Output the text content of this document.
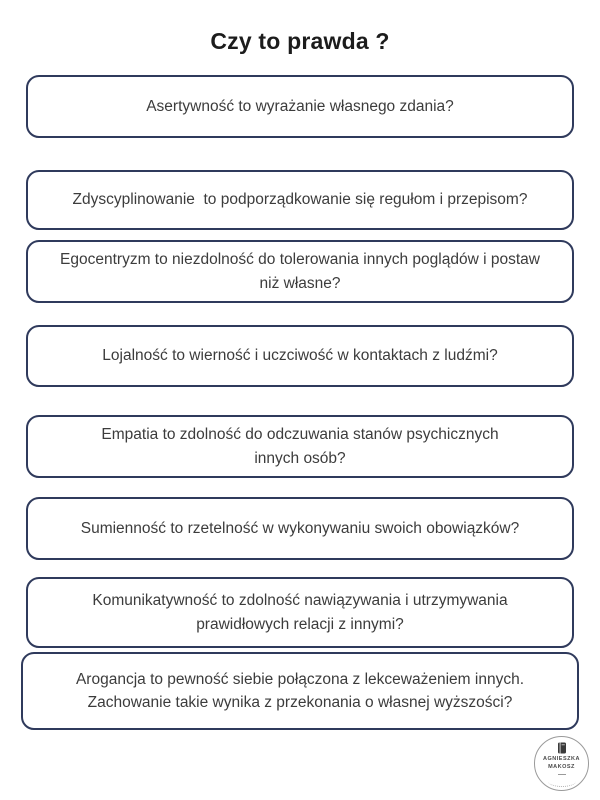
Czy to prawda ?
Asertywność to wyrażanie własnego zdania?
Zdyscyplinowanie  to podporządkowanie się regułom i przepisom?
Egocentryzm to niezdolność do tolerowania innych poglądów i postaw niż własne?
Lojalność to wierność i uczciwość w kontaktach z ludźmi?
Empatia to zdolność do odczuwania stanów psychicznych innych osób?
Sumienność to rzetelność w wykonywaniu swoich obowiązków?
Komunikatywność to zdolność nawiązywania i utrzymywania prawidłowych relacji z innymi?
Arogancja to pewność siebie połączona z lekceważeniem innych. Zachowanie takie wynika z przekonania o własnej wyższości?
AGNIESZKA
MAKOSZ
